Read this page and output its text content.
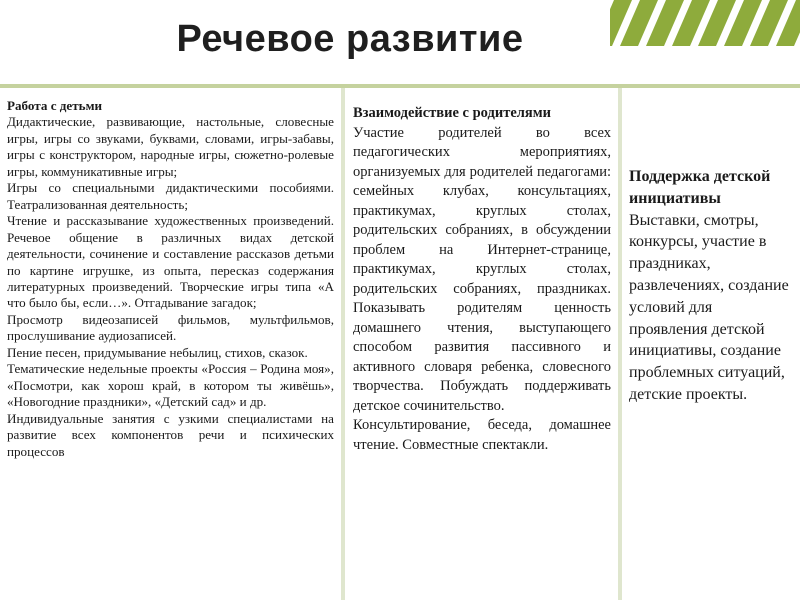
Речевое развитие
Работа с детьми

Дидактические, развивающие, настольные, словесные игры, игры со звуками, буквами, словами, игры-забавы, игры с конструктором, народные игры, сюжетно-ролевые игры, коммуникативные игры;

Игры со специальными дидактическими пособиями. Театрализованная деятельность;

Чтение и рассказывание художественных произведений. Речевое общение в различных видах детской деятельности, сочинение и составление рассказов детьми по картине игрушке, из опыта, пересказ содержания литературных произведений. Творческие игры типа «А что было бы, если…». Отгадывание загадок;

Просмотр видеозаписей фильмов, мультфильмов, прослушивание аудиозаписей.

Пение песен, придумывание небылиц, стихов, сказок.

Тематические недельные проекты «Россия – Родина моя», «Посмотри, как хорош край, в котором ты живёшь», «Новогодние праздники», «Детский сад» и др.

Индивидуальные занятия с узкими специалистами на развитие всех компонентов речи и психических процессов

Взаимодействие с родителями

Участие родителей во всех педагогических мероприятиях, организуемых для родителей педагогами: семейных клубах, консультациях, практикумах, круглых столах, родительских собраниях, в обсуждении проблем на Интернет-странице, практикумах, круглых столах, родительских собраниях, праздниках. Показывать родителям ценность домашнего чтения, выступающего способом развития пассивного и активного словаря ребенка, словесного творчества. Побуждать поддерживать детское сочинительство.

Консультирование, беседа, домашнее чтение. Совместные спектакли.

Поддержка детской инициативы

Выставки, смотры, конкурсы, участие в праздниках, развлечениях, создание условий для проявления детской инициативы, создание проблемных ситуаций, детские проекты.
